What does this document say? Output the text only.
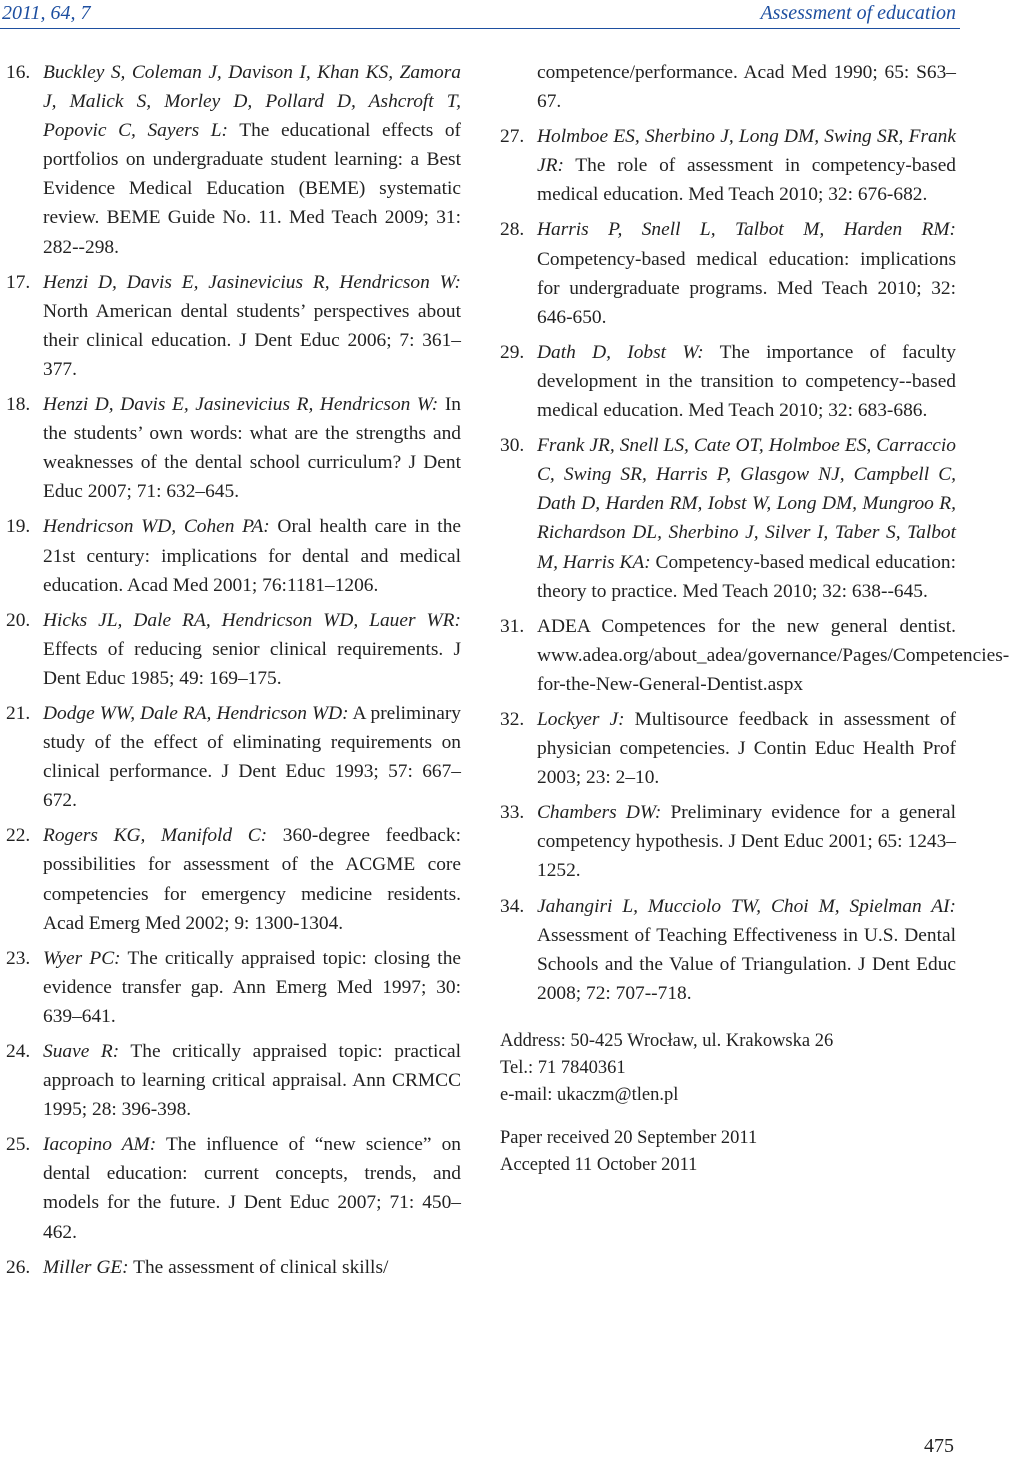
2011, 64, 7	Assessment of education
16. Buckley S, Coleman J, Davison I, Khan KS, Zamora J, Malick S, Morley D, Pollard D, Ashcroft T, Popovic C, Sayers L: The educational effects of portfolios on undergraduate student learning: a Best Evidence Medical Education (BEME) systematic review. BEME Guide No. 11. Med Teach 2009; 31: 282--298.
17. Henzi D, Davis E, Jasinevicius R, Hendricson W: North American dental students’ perspectives about their clinical education. J Dent Educ 2006; 7: 361–377.
18. Henzi D, Davis E, Jasinevicius R, Hendricson W: In the students’ own words: what are the strengths and weaknesses of the dental school curriculum? J Dent Educ 2007; 71: 632–645.
19. Hendricson WD, Cohen PA: Oral health care in the 21st century: implications for dental and medical education. Acad Med 2001; 76:1181–1206.
20. Hicks JL, Dale RA, Hendricson WD, Lauer WR: Effects of reducing senior clinical requirements. J Dent Educ 1985; 49: 169–175.
21. Dodge WW, Dale RA, Hendricson WD: A preliminary study of the effect of eliminating requirements on clinical performance. J Dent Educ 1993; 57: 667–672.
22. Rogers KG, Manifold C: 360-degree feedback: possibilities for assessment of the ACGME core competencies for emergency medicine residents. Acad Emerg Med 2002; 9: 1300-1304.
23. Wyer PC: The critically appraised topic: closing the evidence transfer gap. Ann Emerg Med 1997; 30: 639–641.
24. Suave R: The critically appraised topic: practical approach to learning critical appraisal. Ann CRMCC 1995; 28: 396-398.
25. Iacopino AM: The influence of “new science” on dental education: current concepts, trends, and models for the future. J Dent Educ 2007; 71: 450–462.
26. Miller GE: The assessment of clinical skills/
competence/performance. Acad Med 1990; 65: S63–67.
27. Holmboe ES, Sherbino J, Long DM, Swing SR, Frank JR: The role of assessment in competency-based medical education. Med Teach 2010; 32: 676-682.
28. Harris P, Snell L, Talbot M, Harden RM: Competency-based medical education: implications for undergraduate programs. Med Teach 2010; 32: 646-650.
29. Dath D, Iobst W: The importance of faculty development in the transition to competency--based medical education. Med Teach 2010; 32: 683-686.
30. Frank JR, Snell LS, Cate OT, Holmboe ES, Carraccio C, Swing SR, Harris P, Glasgow NJ, Campbell C, Dath D, Harden RM, Iobst W, Long DM, Mungroo R, Richardson DL, Sherbino J, Silver I, Taber S, Talbot M, Harris KA: Competency-based medical education: theory to practice. Med Teach 2010; 32: 638--645.
31. ADEA Competences for the new general dentist. www.adea.org/about_adea/governance/Pages/Competencies-for-the-New-General-Dentist.aspx
32. Lockyer J: Multisource feedback in assessment of physician competencies. J Contin Educ Health Prof 2003; 23: 2–10.
33. Chambers DW: Preliminary evidence for a general competency hypothesis. J Dent Educ 2001; 65: 1243–1252.
34. Jahangiri L, Mucciolo TW, Choi M, Spielman AI: Assessment of Teaching Effectiveness in U.S. Dental Schools and the Value of Triangulation. J Dent Educ 2008; 72: 707--718.
Address: 50-425 Wrocław, ul. Krakowska 26
Tel.: 71 7840361
e-mail: ukaczm@tlen.pl
Paper received 20 September 2011
Accepted 11 October 2011
475
